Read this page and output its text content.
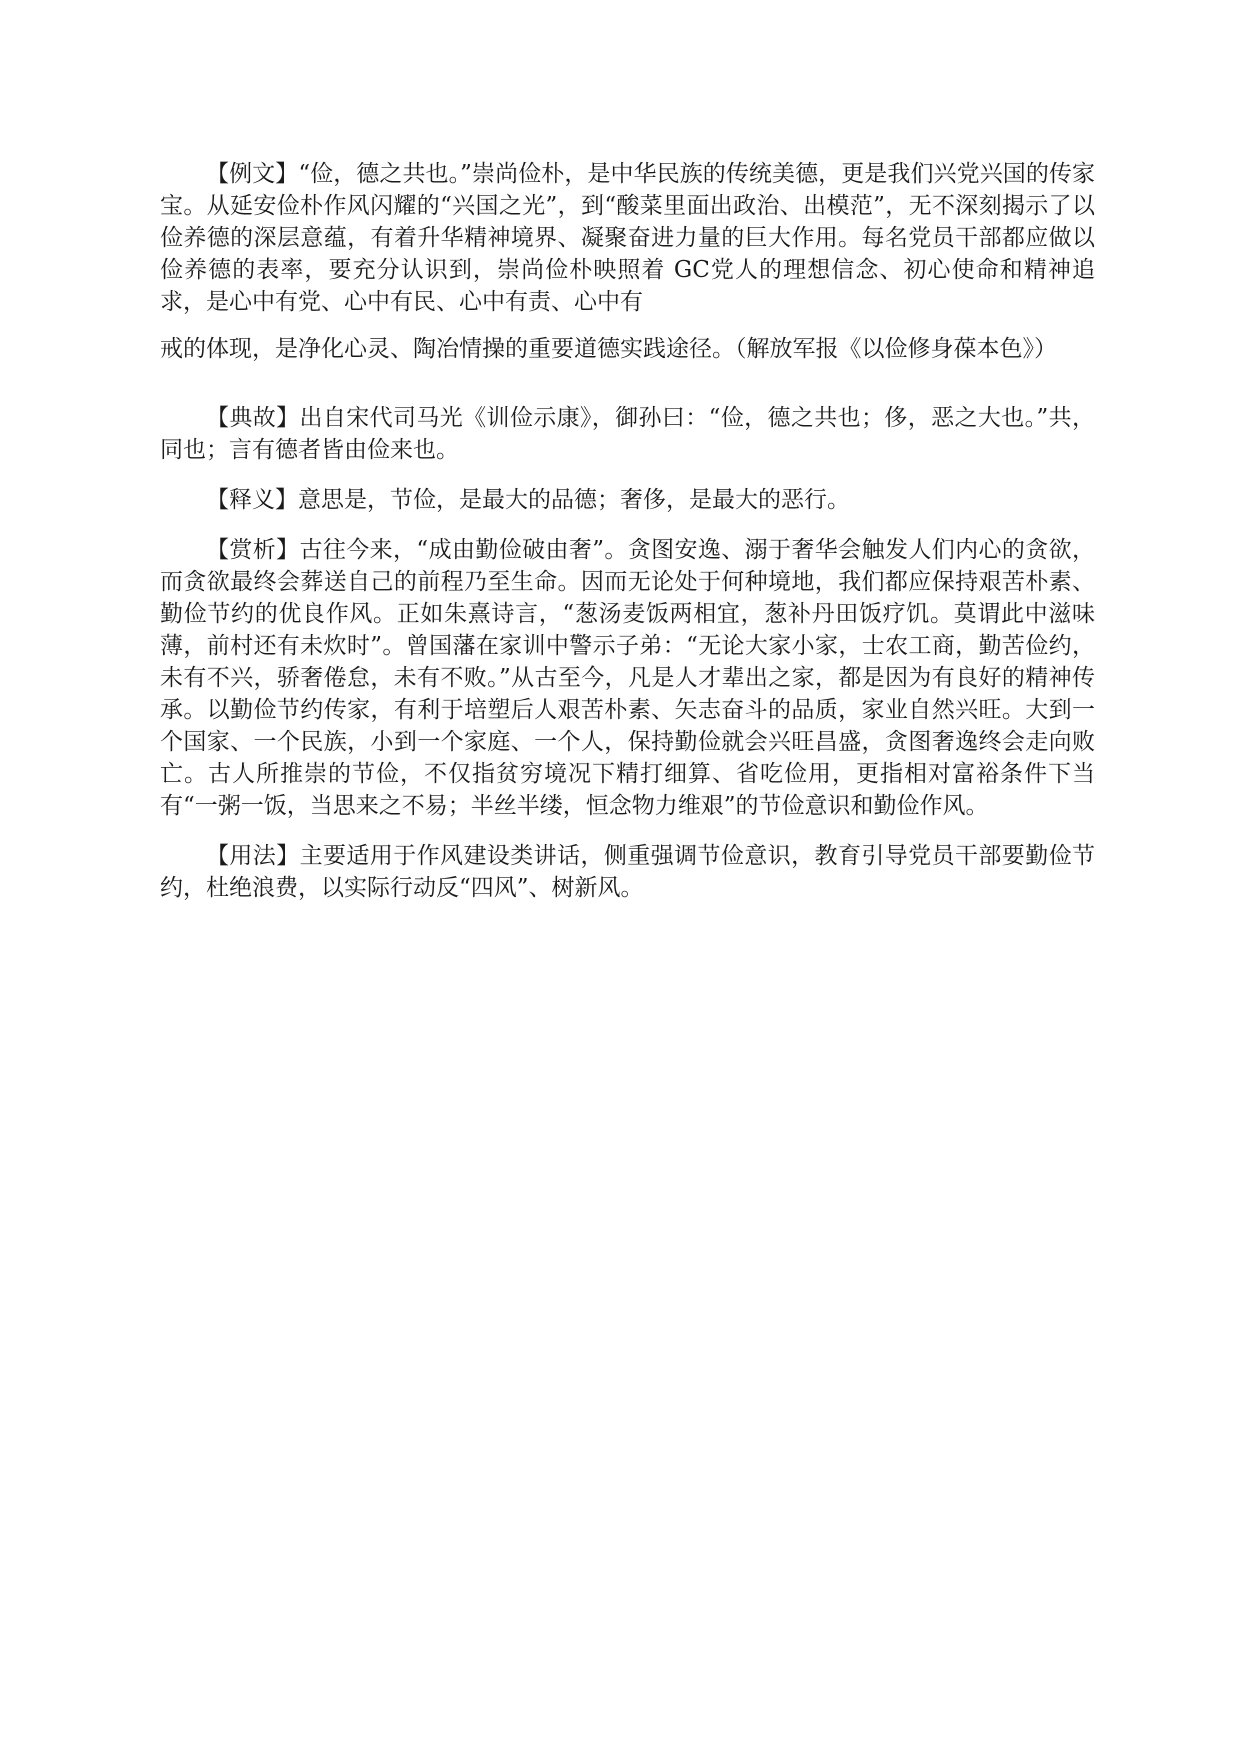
【例文】“俭，德之共也。”崇尚俭朴，是中华民族的传统美德，更是我们兴党兴国的传家宝。从延安俭朴作风闪耀的“兴国之光”，到“酸菜里面出政治、出模范”，无不深刻揭示了以俭养德的深层意蕴，有着升华精神境界、凝聚奋进力量的巨大作用。每名党员干部都应做以俭养德的表率，要充分认识到，崇尚俭朴映照着 GC党人的理想信念、初心使命和精神追求，是心中有党、心中有民、心中有责、心中有
戒的体现，是净化心灵、陶冶情操的重要道德实践途径。（解放军报《以俭修身葆本色》）
【典故】出自宋代司马光《训俭示康》，御孙曰：“俭，德之共也；侈，恶之大也。”共，同也；言有德者皆由俭来也。
【释义】意思是，节俭，是最大的品德；奢侈，是最大的恶行。
【赏析】古往今来，“成由勤俭破由奢”。贪图安逸、溺于奢华会触发人们内心的贪欲，而贪欲最终会葬送自己的前程乃至生命。因而无论处于何种境地，我们都应保持艰苦朴素、勤俭节约的优良作风。正如朱熹诗言，“葱汤麦饭两相宜，葱补丹田饭疗饥。莫谓此中滋味薄，前村还有未炊时”。曾国藩在家训中警示子弟：“无论大家小家，士农工商，勤苦俭约，未有不兴，骄奢倦怠，未有不败。”从古至今，凡是人才辈出之家，都是因为有良好的精神传承。以勤俭节约传家，有利于培塑后人艰苦朴素、矢志奋斗的品质，家业自然兴旺。大到一个国家、一个民族，小到一个家庭、一个人，保持勤俭就会兴旺昌盛，贪图奢逸终会走向败亡。古人所推崇的节俭，不仅指贫穷境况下精打细算、省吃俭用，更指相对富裕条件下当有“一粥一饭，当思来之不易；半丝半缕，恒念物力维艰”的节俭意识和勤俭作风。
【用法】主要适用于作风建设类讲话，侧重强调节俭意识，教育引导党员干部要勤俭节约，杜绝浪费，以实际行动反“四风”、树新风。
